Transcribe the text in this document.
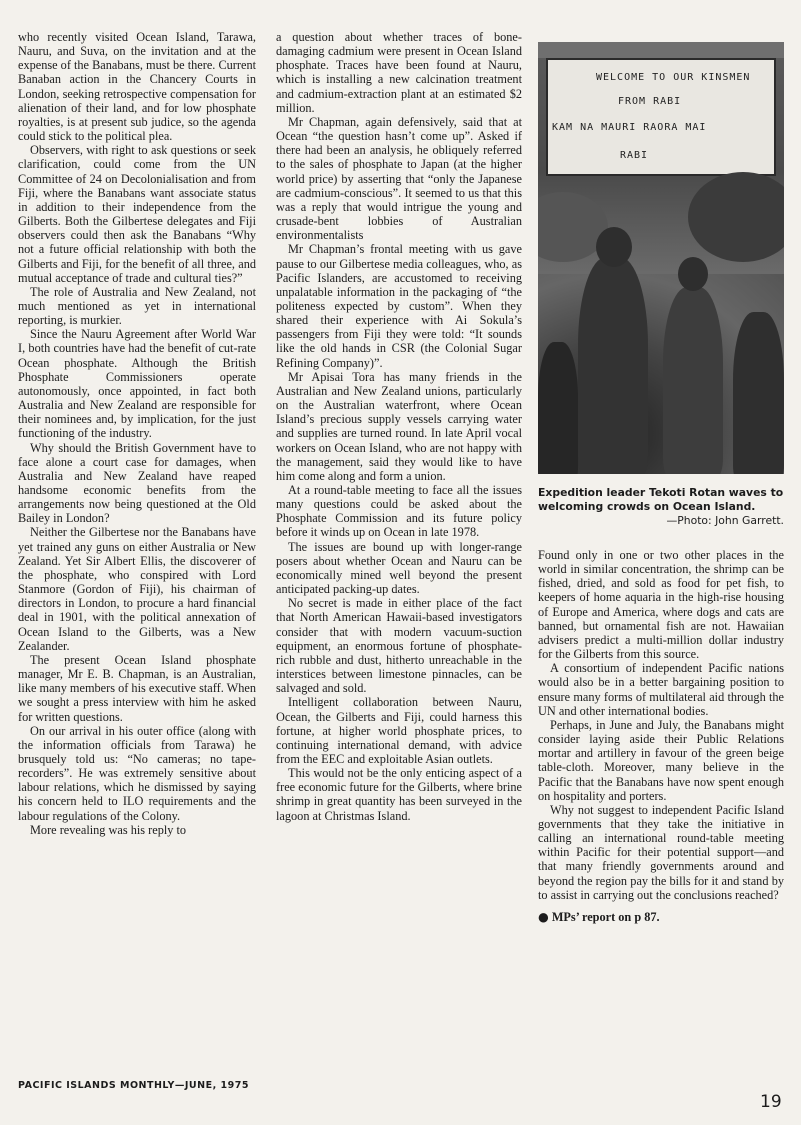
who recently visited Ocean Island, Tarawa, Nauru, and Suva, on the invitation and at the expense of the Banabans, must be there. Current Banaban action in the Chancery Courts in London, seeking retrospective compensation for alienation of their land, and for low phosphate royalties, is at present sub judice, so the agenda could stick to the political plea.

Observers, with right to ask questions or seek clarification, could come from the UN Committee of 24 on Decolonialisation and from Fiji, where the Banabans want associate status in addition to their independence from the Gilberts. Both the Gilbertese delegates and Fiji observers could then ask the Banabans “Why not a future official relationship with both the Gilberts and Fiji, for the benefit of all three, and mutual acceptance of trade and cultural ties?”

The role of Australia and New Zealand, not much mentioned as yet in international reporting, is murkier.

Since the Nauru Agreement after World War I, both countries have had the benefit of cut-rate Ocean phosphate. Although the British Phosphate Commissioners operate autonomously, once appointed, in fact both Australia and New Zealand are responsible for their nominees and, by implication, for the just functioning of the industry.

Why should the British Government have to face alone a court case for damages, when Australia and New Zealand have reaped handsome economic benefits from the arrangements now being questioned at the Old Bailey in London?

Neither the Gilbertese nor the Banabans have yet trained any guns on either Australia or New Zealand. Yet Sir Albert Ellis, the discoverer of the phosphate, who conspired with Lord Stanmore (Gordon of Fiji), his chairman of directors in London, to procure a hard financial deal in 1901, with the political annexation of Ocean Island to the Gilberts, was a New Zealander.

The present Ocean Island phosphate manager, Mr E. B. Chapman, is an Australian, like many members of his executive staff. When we sought a press interview with him he asked for written questions.

On our arrival in his outer office (along with the information officials from Tarawa) he brusquely told us: “No cameras; no tape-recorders”. He was extremely sensitive about labour relations, which he dismissed by saying his concern held to ILO requirements and the labour regulations of the Colony.

More revealing was his reply to

a question about whether traces of bone-damaging cadmium were present in Ocean Island phosphate. Traces have been found at Nauru, which is installing a new calcination treatment and cadmium-extraction plant at an estimated $2 million.

Mr Chapman, again defensively, said that at Ocean “the question hasn’t come up”. Asked if there had been an analysis, he obliquely referred to the sales of phosphate to Japan (at the higher world price) by asserting that “only the Japanese are cadmium-conscious”. It seemed to us that this was a reply that would intrigue the young and crusade-bent lobbies of Australian environmentalists

Mr Chapman’s frontal meeting with us gave pause to our Gilbertese media colleagues, who, as Pacific Islanders, are accustomed to receiving unpalatable information in the packaging of “the politeness expected by custom”. When they shared their experience with Ai Sokula’s passengers from Fiji they were told: “It sounds like the old hands in CSR (the Colonial Sugar Refining Company)”.

Mr Apisai Tora has many friends in the Australian and New Zealand unions, particularly on the Australian waterfront, where Ocean Island’s precious supply vessels carrying water and supplies are turned round. In late April vocal workers on Ocean Island, who are not happy with the management, said they would like to have him come along and form a union.

At a round-table meeting to face all the issues many questions could be asked about the Phosphate Commission and its future policy before it winds up on Ocean in late 1978.

The issues are bound up with longer-range posers about whether Ocean and Nauru can be economically mined well beyond the present anticipated packing-up dates.

No secret is made in either place of the fact that North American Hawaii-based investigators consider that with modern vacuum-suction equipment, an enormous fortune of phosphate-rich rubble and dust, hitherto unreachable in the interstices between limestone pinnacles, can be salvaged and sold.

Intelligent collaboration between Nauru, Ocean, the Gilberts and Fiji, could harness this fortune, at higher world phosphate prices, to continuing international demand, with advice from the EEC and exploitable Asian outlets.

This would not be the only enticing aspect of a free economic future for the Gilberts, where brine shrimp in great quantity has been surveyed in the lagoon at Christmas Island.

WELCOME TO OUR KINSMEN
FROM RABI
KAM NA MAURI RAORA MAI
RABI
Expedition leader Tekoti Rotan waves to welcoming crowds on Ocean Island.
—Photo: John Garrett.

Found only in one or two other places in the world in similar concentration, the shrimp can be fished, dried, and sold as food for pet fish, to keepers of home aquaria in the high-rise housing of Europe and America, where dogs and cats are banned, but ornamental fish are not. Hawaiian advisers predict a multi-million dollar industry for the Gilberts from this source.

A consortium of independent Pacific nations would also be in a better bargaining position to ensure many forms of multilateral aid through the UN and other international bodies.

Perhaps, in June and July, the Banabans might consider laying aside their Public Relations mortar and artillery in favour of the green beige table-cloth. Moreover, many believe in the Pacific that the Banabans have now spent enough on hospitality and porters.

Why not suggest to independent Pacific Island governments that they take the initiative in calling an international round-table meeting within Pacific for their potential support—and that many friendly governments around and beyond the region pay the bills for it and stand by to assist in carrying out the conclusions reached?

● MPs’ report on p 87.

PACIFIC ISLANDS MONTHLY—JUNE, 1975
19
